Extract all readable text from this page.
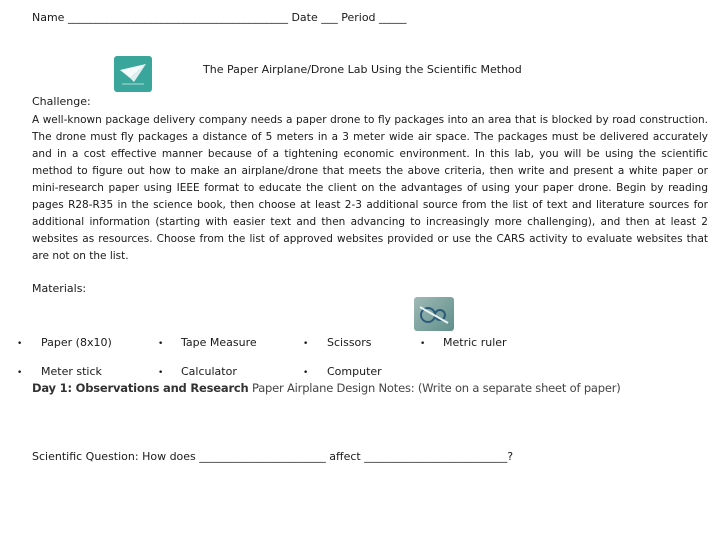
Name ________________________________________ Date ___ Period _____
The Paper Airplane/Drone Lab Using the Scientific Method
Challenge:
A well-known package delivery company needs a paper drone to fly packages into an area that is blocked by road construction. The drone must fly packages a distance of 5 meters in a 3 meter wide air space. The packages must be delivered accurately and in a cost effective manner because of a tightening economic environment. In this lab, you will be using the scientific method to figure out how to make an airplane/drone that meets the above criteria, then write and present a white paper or mini-research paper using IEEE format to educate the client on the advantages of using your paper drone. Begin by reading pages R28-R35 in the science book, then choose at least 2-3 additional source from the list of text and literature sources for additional information (starting with easier text and then advancing to increasingly more challenging), and then at least 2 websites as resources. Choose from the list of approved websites provided or use the CARS activity to evaluate websites that are not on the list.
Materials:
• Paper (8x10)	• Tape Measure	• Scissors	• Metric ruler
• Meter stick	• Calculator	• Computer
Day 1: Observations and Research Paper Airplane Design Notes: (Write on a separate sheet of paper)
Scientific Question: How does _______________________ affect __________________________?
